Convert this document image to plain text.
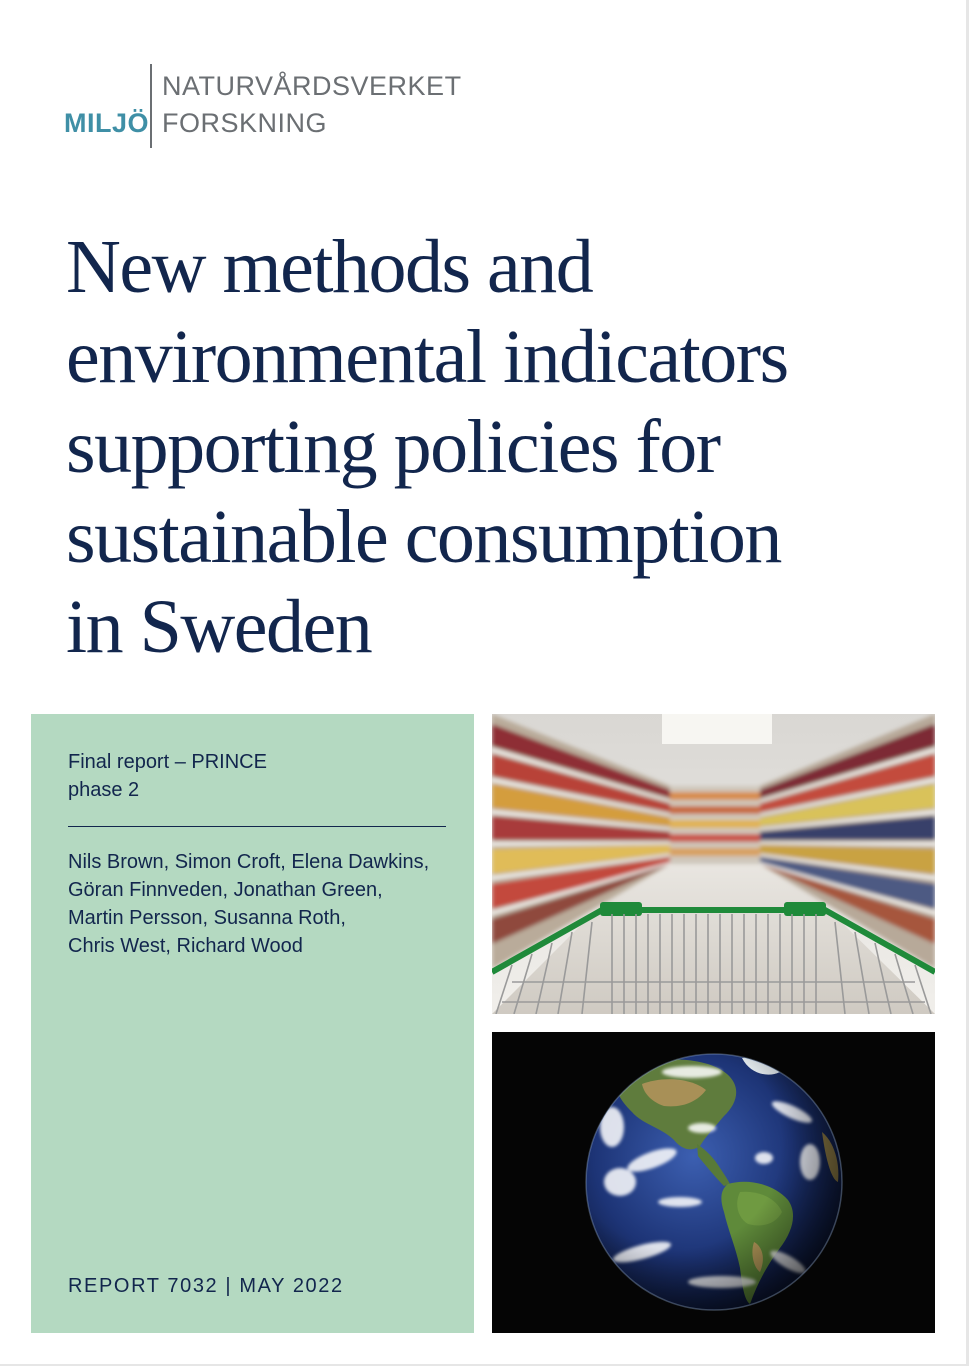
MILJÖ
NATURVÅRDSVERKET
FORSKNING
New methods and
environmental indicators
supporting policies for
sustainable consumption
in Sweden
Final report – PRINCE
phase 2
Nils Brown, Simon Croft, Elena Dawkins,
Göran Finnveden, Jonathan Green,
Martin Persson, Susanna Roth,
Chris West, Richard Wood
REPORT 7032 | MAY 2022
